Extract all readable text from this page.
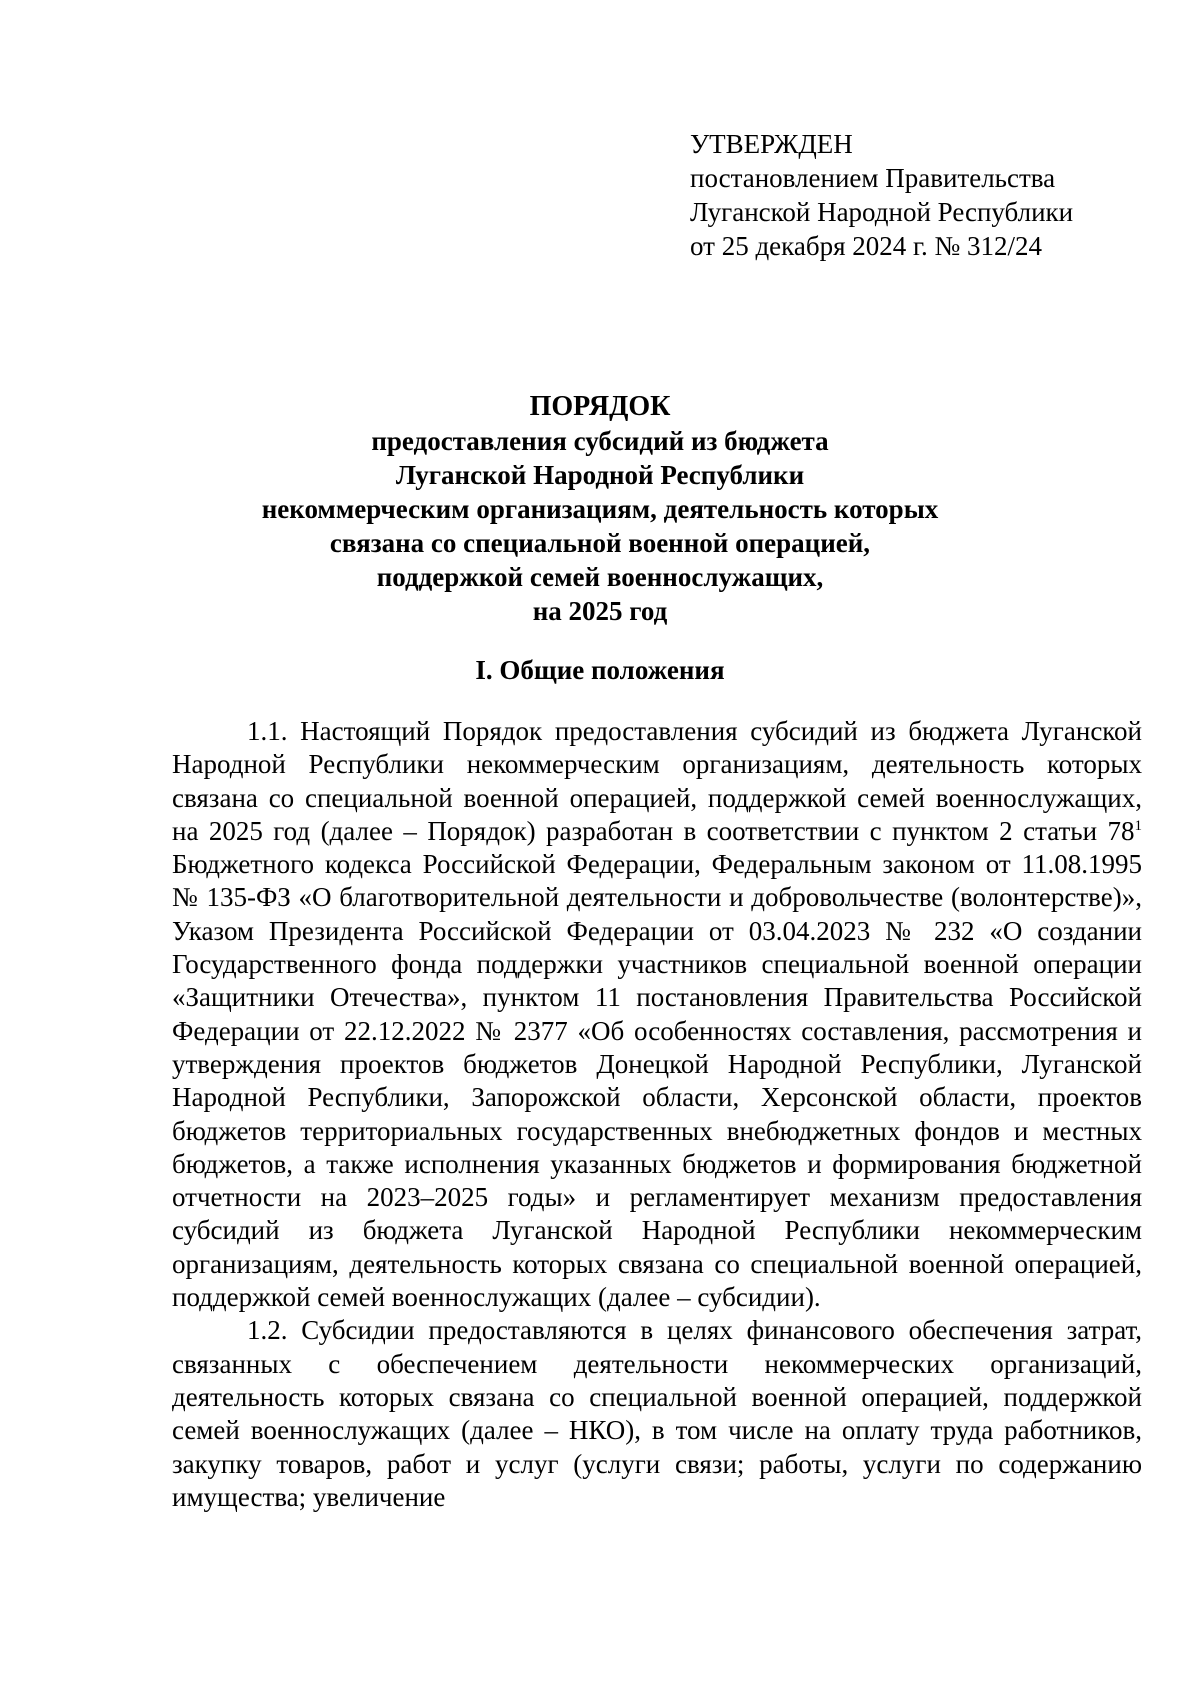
УТВЕРЖДЕН
постановлением Правительства
Луганской Народной Республики
от 25 декабря 2024 г. № 312/24
ПОРЯДОК
предоставления субсидий из бюджета
Луганской Народной Республики
некоммерческим организациям, деятельность которых
связана со специальной военной операцией,
поддержкой семей военнослужащих,
на 2025 год
I. Общие положения

1.1. Настоящий Порядок предоставления субсидий из бюджета Луганской Народной Республики некоммерческим организациям, деятельность которых связана со специальной военной операцией, поддержкой семей военнослужащих, на 2025 год (далее – Порядок) разработан в соответствии с пунктом 2 статьи $78^1$ Бюджетного кодекса Российской Федерации, Федеральным законом от 11.08.1995 № 135-ФЗ «О благотворительной деятельности и добровольчестве (волонтерстве)», Указом Президента Российской Федерации от 03.04.2023 № 232 «О создании Государственного фонда поддержки участников специальной военной операции «Защитники Отечества», пунктом 11 постановления Правительства Российской Федерации от 22.12.2022 № 2377 «Об особенностях составления, рассмотрения и утверждения проектов бюджетов Донецкой Народной Республики, Луганской Народной Республики, Запорожской области, Херсонской области, проектов бюджетов территориальных государственных внебюджетных фондов и местных бюджетов, а также исполнения указанных бюджетов и формирования бюджетной отчетности на 2023–2025 годы» и регламентирует механизм предоставления субсидий из бюджета Луганской Народной Республики некоммерческим организациям, деятельность которых связана со специальной военной операцией, поддержкой семей военнослужащих (далее – субсидии).

1.2. Субсидии предоставляются в целях финансового обеспечения затрат, связанных с обеспечением деятельности некоммерческих организаций, деятельность которых связана со специальной военной операцией, поддержкой семей военнослужащих (далее – НКО), в том числе на оплату труда работников, закупку товаров, работ и услуг (услуги связи; работы, услуги по содержанию имущества; увеличение
